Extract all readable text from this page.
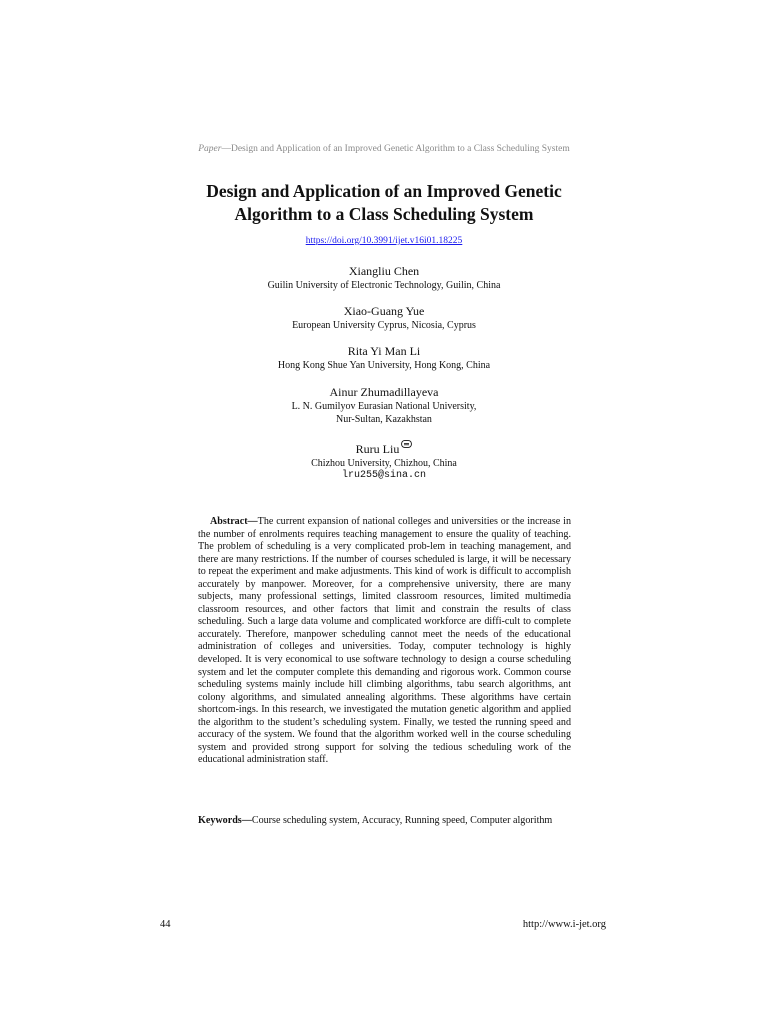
Paper—Design and Application of an Improved Genetic Algorithm to a Class Scheduling System
Design and Application of an Improved Genetic
Algorithm to a Class Scheduling System
https://doi.org/10.3991/ijet.v16i01.18225
Xiangliu Chen
Guilin University of Electronic Technology, Guilin, China
Xiao-Guang Yue
European University Cyprus, Nicosia, Cyprus
Rita Yi Man Li
Hong Kong Shue Yan University, Hong Kong, China
Ainur Zhumadillayeva
L. N. Gumilyov Eurasian National University,
Nur-Sultan, Kazakhstan
Ruru Liu
Chizhou University, Chizhou, China
lru255@sina.cn

Abstract—The current expansion of national colleges and universities or the increase in the number of enrolments requires teaching management to ensure the quality of teaching. The problem of scheduling is a very complicated prob-lem in teaching management, and there are many restrictions. If the number of courses scheduled is large, it will be necessary to repeat the experiment and make adjustments. This kind of work is difficult to accomplish accurately by manpower. Moreover, for a comprehensive university, there are many subjects, many professional settings, limited classroom resources, limited multimedia classroom resources, and other factors that limit and constrain the results of class scheduling. Such a large data volume and complicated workforce are diffi-cult to complete accurately. Therefore, manpower scheduling cannot meet the needs of the educational administration of colleges and universities. Today, computer technology is highly developed. It is very economical to use software technology to design a course scheduling system and let the computer complete this demanding and rigorous work. Common course scheduling systems mainly include hill climbing algorithms, tabu search algorithms, ant colony algorithms, and simulated annealing algorithms. These algorithms have certain shortcom-ings. In this research, we investigated the mutation genetic algorithm and applied the algorithm to the student’s scheduling system. Finally, we tested the running speed and accuracy of the system. We found that the algorithm worked well in the course scheduling system and provided strong support for solving the tedious scheduling work of the educational administration staff.

Keywords—Course scheduling system, Accuracy, Running speed, Computer algorithm

44	http://www.i-jet.org
